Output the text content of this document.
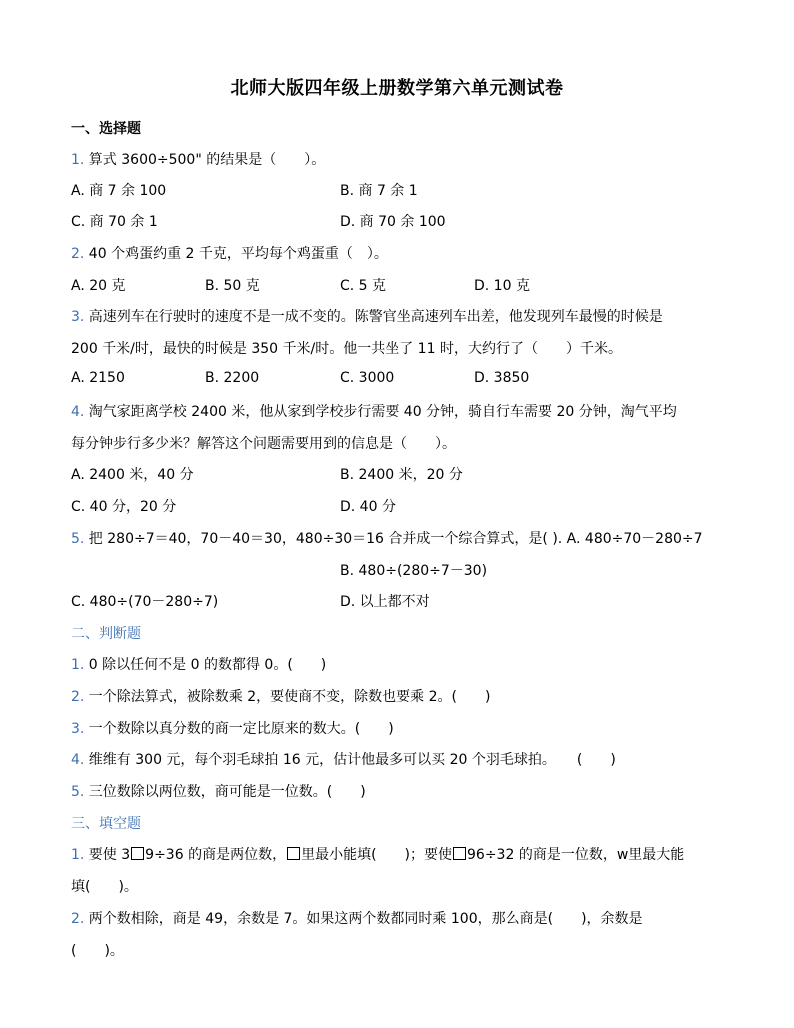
北师大版四年级上册数学第六单元测试卷
一、选择题
1. 算式 3600÷500" 的结果是（　　）。
A. 商 7 余 100	B. 商 7 余 1
C. 商 70 余 1	D. 商 70 余 100
2. 40 个鸡蛋约重 2 千克，平均每个鸡蛋重（　）。
A. 20 克	B. 50 克	C. 5 克	D. 10 克
3. 高速列车在行驶时的速度不是一成不变的。陈警官坐高速列车出差，他发现列车最慢的时候是
200 千米/时，最快的时候是 350 千米/时。他一共坐了 11 时，大约行了（　　）千米。
A. 2150	B. 2200	C. 3000	D. 3850
4. 淘气家距离学校 2400 米，他从家到学校步行需要 40 分钟，骑自行车需要 20 分钟，淘气平均
每分钟步行多少米？解答这个问题需要用到的信息是（　　）。
A. 2400 米，40 分	B. 2400 米，20 分
C. 40 分，20 分	D. 40 分
5. 把 280÷7＝40，70－40＝30，480÷30＝16 合并成一个综合算式，是( ). A. 480÷70－280÷7
B. 480÷(280÷7－30)
C. 480÷(70－280÷7)	D. 以上都不对
二、判断题
1. 0 除以任何不是 0 的数都得 0。(　　)
2. 一个除法算式，被除数乘 2，要使商不变，除数也要乘 2。(　　)
3. 一个数除以真分数的商一定比原来的数大。(　　)
4. 维维有 300 元，每个羽毛球拍 16 元，估计他最多可以买 20 个羽毛球拍。　　(　　)
5. 三位数除以两位数，商可能是一位数。(　　)
三、填空题
1. 要使 3 9÷36 的商是两位数， 里最小能填(　　)；要使 96÷32 的商是一位数，w里最大能
填(　　)。
2. 两个数相除，商是 49，余数是 7。如果这两个数都同时乘 100，那么商是(　　)，余数是
(　　)。
